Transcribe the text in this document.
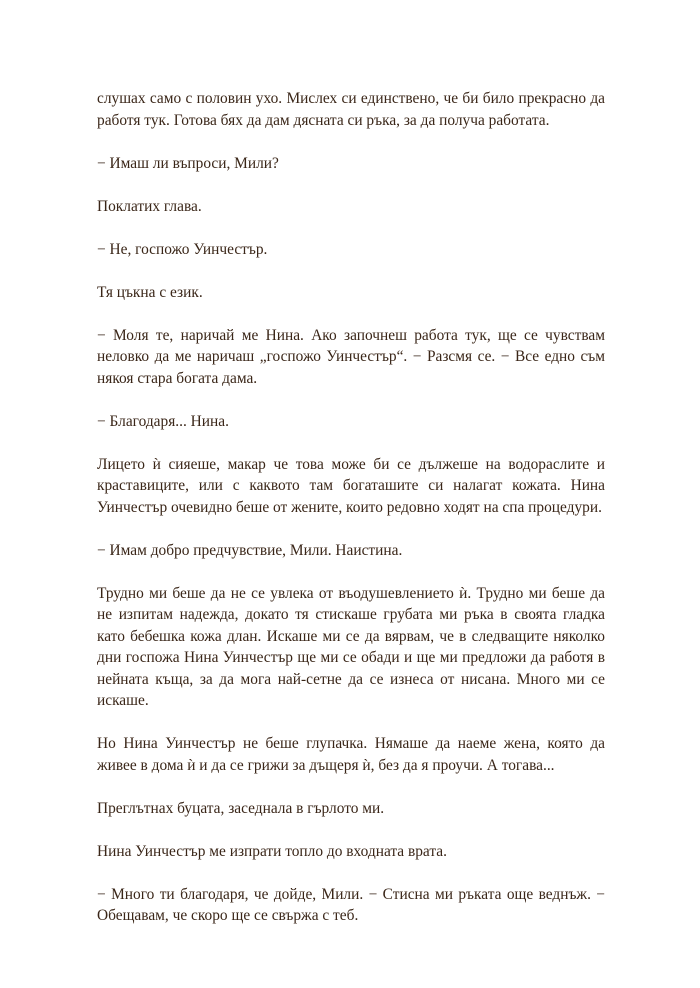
слушах само с половин ухо. Мислех си единствено, че би било прекрасно да работя тук. Готова бях да дам дясната си ръка, за да получа работата.

− Имаш ли въпроси, Мили?

Поклатих глава.

− Не, госпожо Уинчестър.

Тя цъкна с език.

− Моля те, наричай ме Нина. Ако започнеш работа тук, ще се чувствам неловко да ме наричаш „госпожо Уинчестър“. − Разсмя се. − Все едно съм някоя стара богата дама.

− Благодаря... Нина.

Лицето ѝ сияеше, макар че това може би се дължеше на водораслите и краставиците, или с каквото там богаташите си налагат кожата. Нина Уинчестър очевидно беше от жените, които редовно ходят на спа процедури.

− Имам добро предчувствие, Мили. Наистина.

Трудно ми беше да не се увлека от въодушевлението ѝ. Трудно ми беше да не изпитам надежда, докато тя стискаше грубата ми ръка в своята гладка като бебешка кожа длан. Искаше ми се да вярвам, че в следващите няколко дни госпожа Нина Уинчестър ще ми се обади и ще ми предложи да работя в нейната къща, за да мога най-сетне да се изнеса от нисана. Много ми се искаше.

Но Нина Уинчестър не беше глупачка. Нямаше да наеме жена, която да живее в дома ѝ и да се грижи за дъщеря ѝ, без да я проучи. А тогава...

Преглътнах буцата, заседнала в гърлото ми.

Нина Уинчестър ме изпрати топло до входната врата.

− Много ти благодаря, че дойде, Мили. − Стисна ми ръката още веднъж. − Обещавам, че скоро ще се свържа с теб.
